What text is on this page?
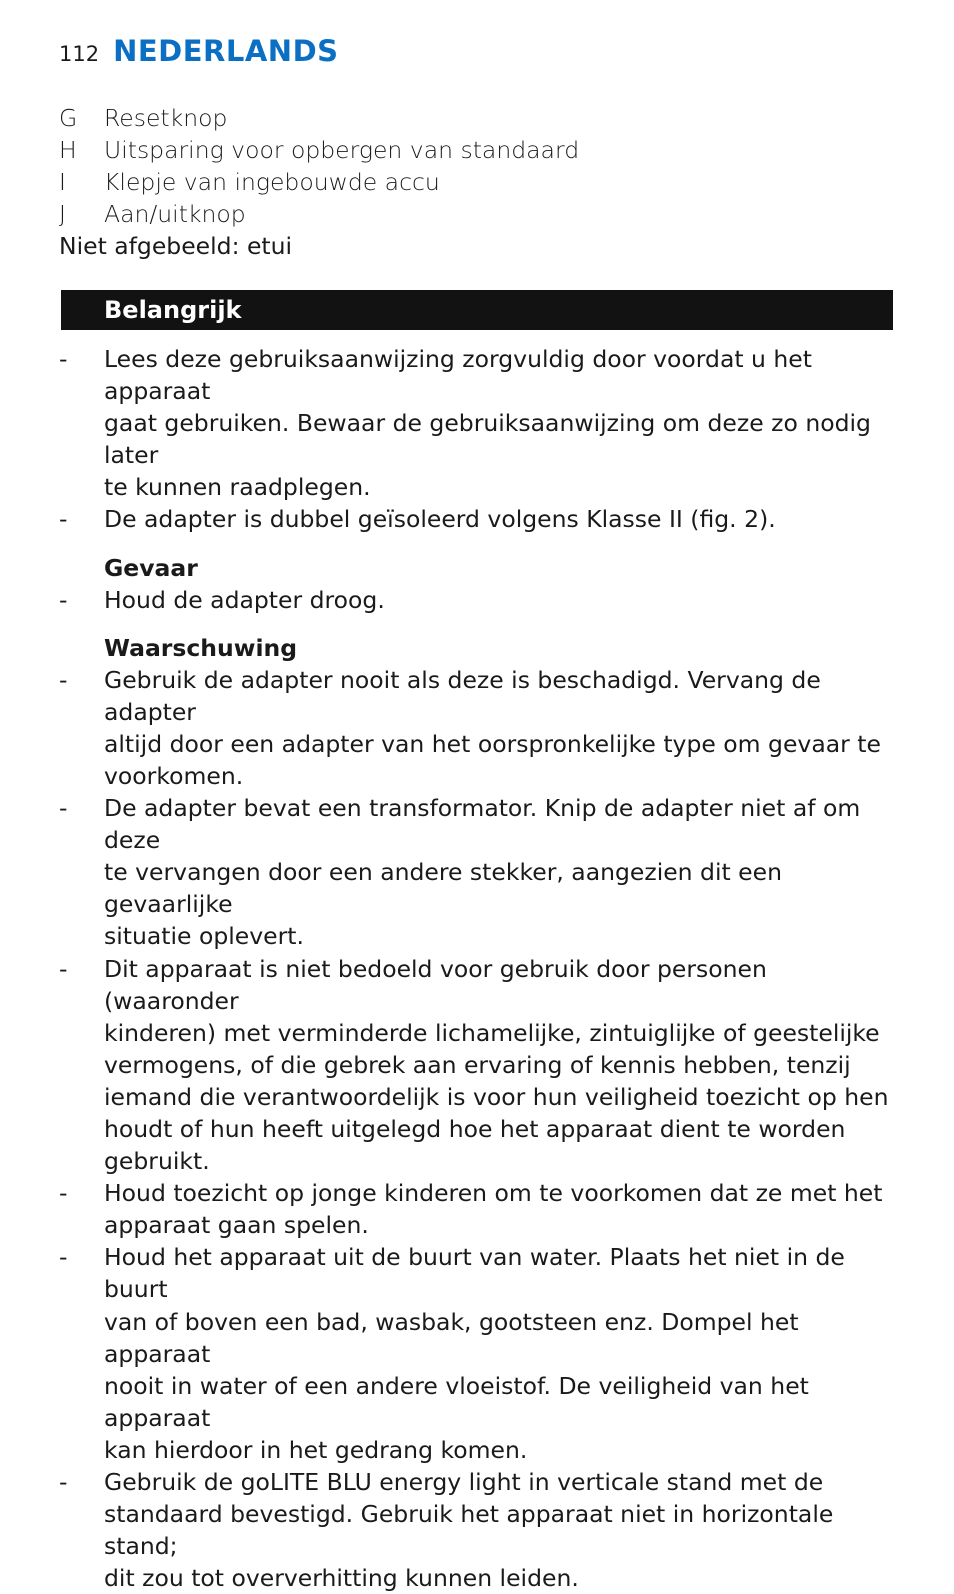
112 NEDERLANDS
G	Resetknop
H	Uitsparing voor opbergen van standaard
I	Klepje van ingebouwde accu
J	Aan/uitknop
Niet afgebeeld: etui
Belangrijk
-	Lees deze gebruiksaanwijzing zorgvuldig door voordat u het apparaat
gaat gebruiken. Bewaar de gebruiksaanwijzing om deze zo nodig later
te kunnen raadplegen.
-	De adapter is dubbel geïsoleerd volgens Klasse II (fig. 2).
Gevaar
-	Houd de adapter droog.
Waarschuwing
-	Gebruik de adapter nooit als deze is beschadigd. Vervang de adapter
altijd door een adapter van het oorspronkelijke type om gevaar te
voorkomen.
-	De adapter bevat een transformator. Knip de adapter niet af om deze
te vervangen door een andere stekker, aangezien dit een gevaarlijke
situatie oplevert.
-	Dit apparaat is niet bedoeld voor gebruik door personen (waaronder
kinderen) met verminderde lichamelijke, zintuiglijke of geestelijke
vermogens, of die gebrek aan ervaring of kennis hebben, tenzij
iemand die verantwoordelijk is voor hun veiligheid toezicht op hen
houdt of hun heeft uitgelegd hoe het apparaat dient te worden
gebruikt.
-	Houd toezicht op jonge kinderen om te voorkomen dat ze met het
apparaat gaan spelen.
-	Houd het apparaat uit de buurt van water. Plaats het niet in de buurt
van of boven een bad, wasbak, gootsteen enz. Dompel het apparaat
nooit in water of een andere vloeistof. De veiligheid van het apparaat
kan hierdoor in het gedrang komen.
-	Gebruik de goLITE BLU energy light in verticale stand met de
standaard bevestigd. Gebruik het apparaat niet in horizontale stand;
dit zou tot oververhitting kunnen leiden.
